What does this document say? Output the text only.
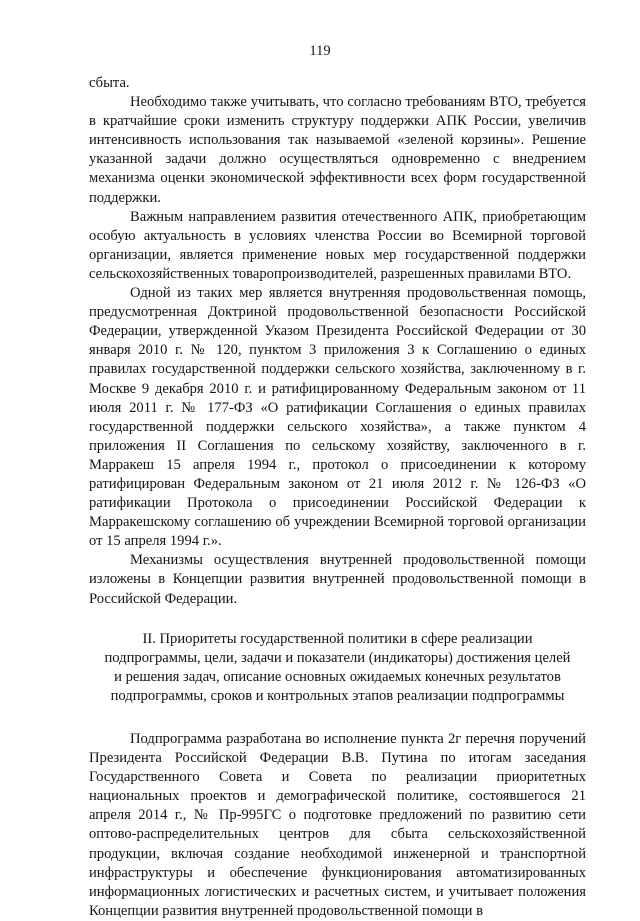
119

сбыта.

Необходимо также учитывать, что согласно требованиям ВТО, требуется в кратчайшие сроки изменить структуру поддержки АПК России, увеличив интенсивность использования так называемой «зеленой корзины». Решение указанной задачи должно осуществляться одновременно с внедрением механизма оценки экономической эффективности всех форм государственной поддержки.

Важным направлением развития отечественного АПК, приобретающим особую актуальность в условиях членства России во Всемирной торговой организации, является применение новых мер государственной поддержки сельскохозяйственных товаропроизводителей, разрешенных правилами ВТО.

Одной из таких мер является внутренняя продовольственная помощь, предусмотренная Доктриной продовольственной безопасности Российской Федерации, утвержденной Указом Президента Российской Федерации от 30 января 2010 г. № 120, пунктом 3 приложения 3 к Соглашению о единых правилах государственной поддержки сельского хозяйства, заключенному в г. Москве 9 декабря 2010 г. и ратифицированному Федеральным законом от 11 июля 2011 г. № 177-ФЗ «О ратификации Соглашения о единых правилах государственной поддержки сельского хозяйства», а также пунктом 4 приложения II Соглашения по сельскому хозяйству, заключенного в г. Марракеш 15 апреля 1994 г., протокол о присоединении к которому ратифицирован Федеральным законом от 21 июля 2012 г. № 126-ФЗ «О ратификации Протокола о присоединении Российской Федерации к Марракешскому соглашению об учреждении Всемирной торговой организации от 15 апреля 1994 г.».

Механизмы осуществления внутренней продовольственной помощи изложены в Концепции развития внутренней продовольственной помощи в Российской Федерации.

II. Приоритеты государственной политики в сфере реализации подпрограммы, цели, задачи и показатели (индикаторы) достижения целей и решения задач, описание основных ожидаемых конечных результатов подпрограммы, сроков и контрольных этапов реализации подпрограммы

Подпрограмма разработана во исполнение пункта 2г перечня поручений Президента Российской Федерации В.В. Путина по итогам заседания Государственного Совета и Совета по реализации приоритетных национальных проектов и демографической политике, состоявшегося 21 апреля 2014 г., № Пр-995ГС о подготовке предложений по развитию сети оптово-распределительных центров для сбыта сельскохозяйственной продукции, включая создание необходимой инженерной и транспортной инфраструктуры и обеспечение функционирования автоматизированных информационных логистических и расчетных систем, и учитывает положения Концепции развития внутренней продовольственной помощи в
